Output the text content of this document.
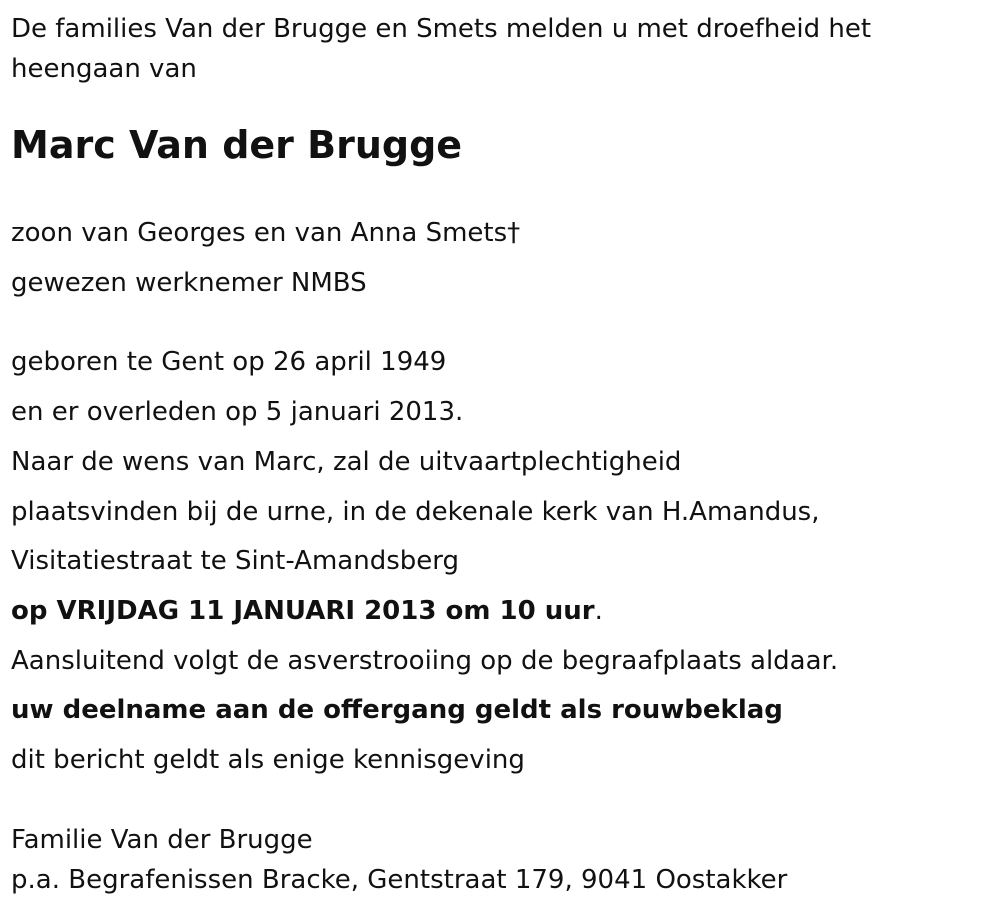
De families Van der Brugge en Smets melden u met droefheid het heengaan van
Marc Van der Brugge
zoon van Georges en van Anna Smets†
gewezen werknemer NMBS
geboren te Gent op 26 april 1949
en er overleden op 5 januari 2013.
Naar de wens van Marc, zal de uitvaartplechtigheid
plaatsvinden bij de urne, in de dekenale kerk van H.Amandus,
Visitatiestraat te Sint-Amandsberg
op VRIJDAG 11 JANUARI 2013 om 10 uur.
Aansluitend volgt de asverstrooiing op de begraafplaats aldaar.
uw deelname aan de offergang geldt als rouwbeklag
dit bericht geldt als enige kennisgeving
Familie Van der Brugge
p.a. Begrafenissen Bracke, Gentstraat 179, 9041 Oostakker
